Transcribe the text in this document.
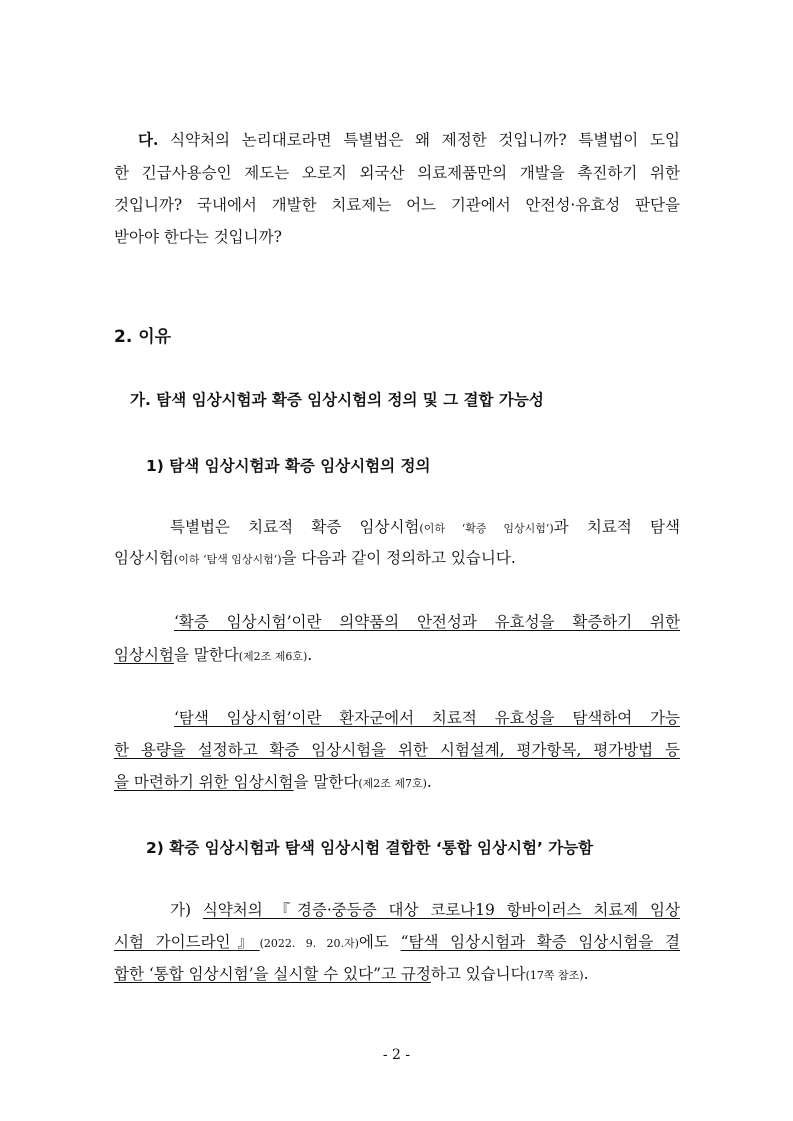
다. 식약처의 논리대로라면 특별법은 왜 제정한 것입니까? 특별법이 도입
한 긴급사용승인 제도는 오로지 외국산 의료제품만의 개발을 촉진하기 위한
것입니까? 국내에서 개발한 치료제는 어느 기관에서 안전성·유효성 판단을
받아야 한다는 것입니까?
2. 이유
가. 탐색 임상시험과 확증 임상시험의 정의 및 그 결합 가능성
1) 탐색 임상시험과 확증 임상시험의 정의
특별법은 치료적 확증 임상시험(이하 ‘확증 임상시험’)과 치료적 탐색
임상시험(이하 ‘탐색 임상시험’)을 다음과 같이 정의하고 있습니다.
‘확증 임상시험’이란 의약품의 안전성과 유효성을 확증하기 위한
임상시험을 말한다(제2조 제6호).
‘탐색 임상시험’이란 환자군에서 치료적 유효성을 탐색하여 가능
한 용량을 설정하고 확증 임상시험을 위한 시험설계, 평가항목, 평가방법 등
을 마련하기 위한 임상시험을 말한다(제2조 제7호).
2) 확증 임상시험과 탐색 임상시험 결합한 ‘통합 임상시험’ 가능함
가) 식약처의 『경증·중등증 대상 코로나19 항바이러스 치료제 임상
시험 가이드라인』(2022. 9. 20.자)에도 “탐색 임상시험과 확증 임상시험을 결
합한 ‘통합 임상시험’을 실시할 수 있다”고 규정하고 있습니다(17쪽 참조).
- 2 -
